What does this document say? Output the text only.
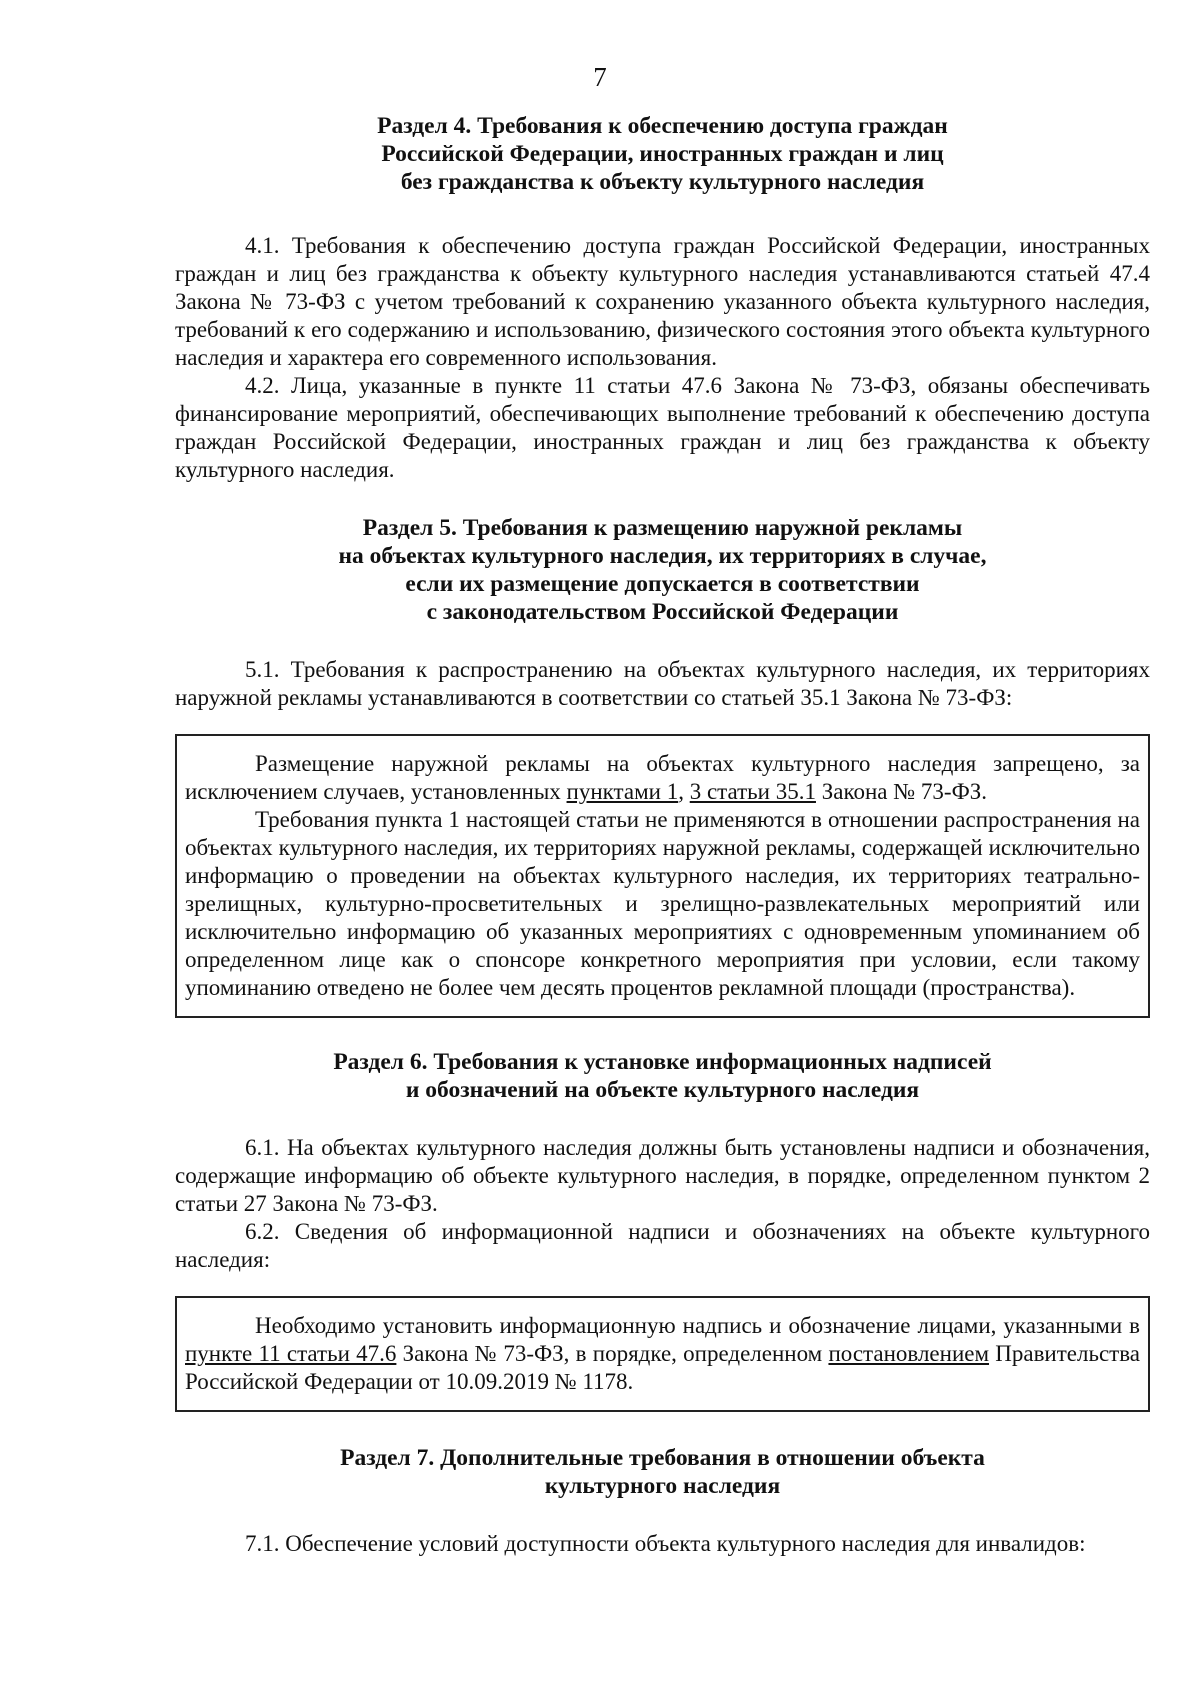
7
Раздел 4. Требования к обеспечению доступа граждан
Российской Федерации, иностранных граждан и лиц
без гражданства к объекту культурного наследия

4.1. Требования к обеспечению доступа граждан Российской Федерации, иностранных граждан и лиц без гражданства к объекту культурного наследия устанавливаются статьей 47.4 Закона № 73-ФЗ с учетом требований к сохранению указанного объекта культурного наследия, требований к его содержанию и использованию, физического состояния этого объекта культурного наследия и характера его современного использования.

4.2. Лица, указанные в пункте 11 статьи 47.6 Закона № 73-ФЗ, обязаны обеспечивать финансирование мероприятий, обеспечивающих выполнение требований к обеспечению доступа граждан Российской Федерации, иностранных граждан и лиц без гражданства к объекту культурного наследия.

Раздел 5. Требования к размещению наружной рекламы
на объектах культурного наследия, их территориях в случае,
если их размещение допускается в соответствии
с законодательством Российской Федерации

5.1. Требования к распространению на объектах культурного наследия, их территориях наружной рекламы устанавливаются в соответствии со статьей 35.1 Закона № 73-ФЗ:

Размещение наружной рекламы на объектах культурного наследия запрещено, за исключением случаев, установленных пунктами 1, 3 статьи 35.1 Закона № 73-ФЗ.

Требования пункта 1 настоящей статьи не применяются в отношении распространения на объектах культурного наследия, их территориях наружной рекламы, содержащей исключительно информацию о проведении на объектах культурного наследия, их территориях театрально-зрелищных, культурно-просветительных и зрелищно-развлекательных мероприятий или исключительно информацию об указанных мероприятиях с одновременным упоминанием об определенном лице как о спонсоре конкретного мероприятия при условии, если такому упоминанию отведено не более чем десять процентов рекламной площади (пространства).

Раздел 6. Требования к установке информационных надписей
и обозначений на объекте культурного наследия

6.1. На объектах культурного наследия должны быть установлены надписи и обозначения, содержащие информацию об объекте культурного наследия, в порядке, определенном пунктом 2 статьи 27 Закона № 73-ФЗ.

6.2. Сведения об информационной надписи и обозначениях на объекте культурного наследия:

Необходимо установить информационную надпись и обозначение лицами, указанными в пункте 11 статьи 47.6 Закона № 73-ФЗ, в порядке, определенном постановлением Правительства Российской Федерации от 10.09.2019 № 1178.

Раздел 7. Дополнительные требования в отношении объекта
культурного наследия

7.1. Обеспечение условий доступности объекта культурного наследия для инвалидов:
